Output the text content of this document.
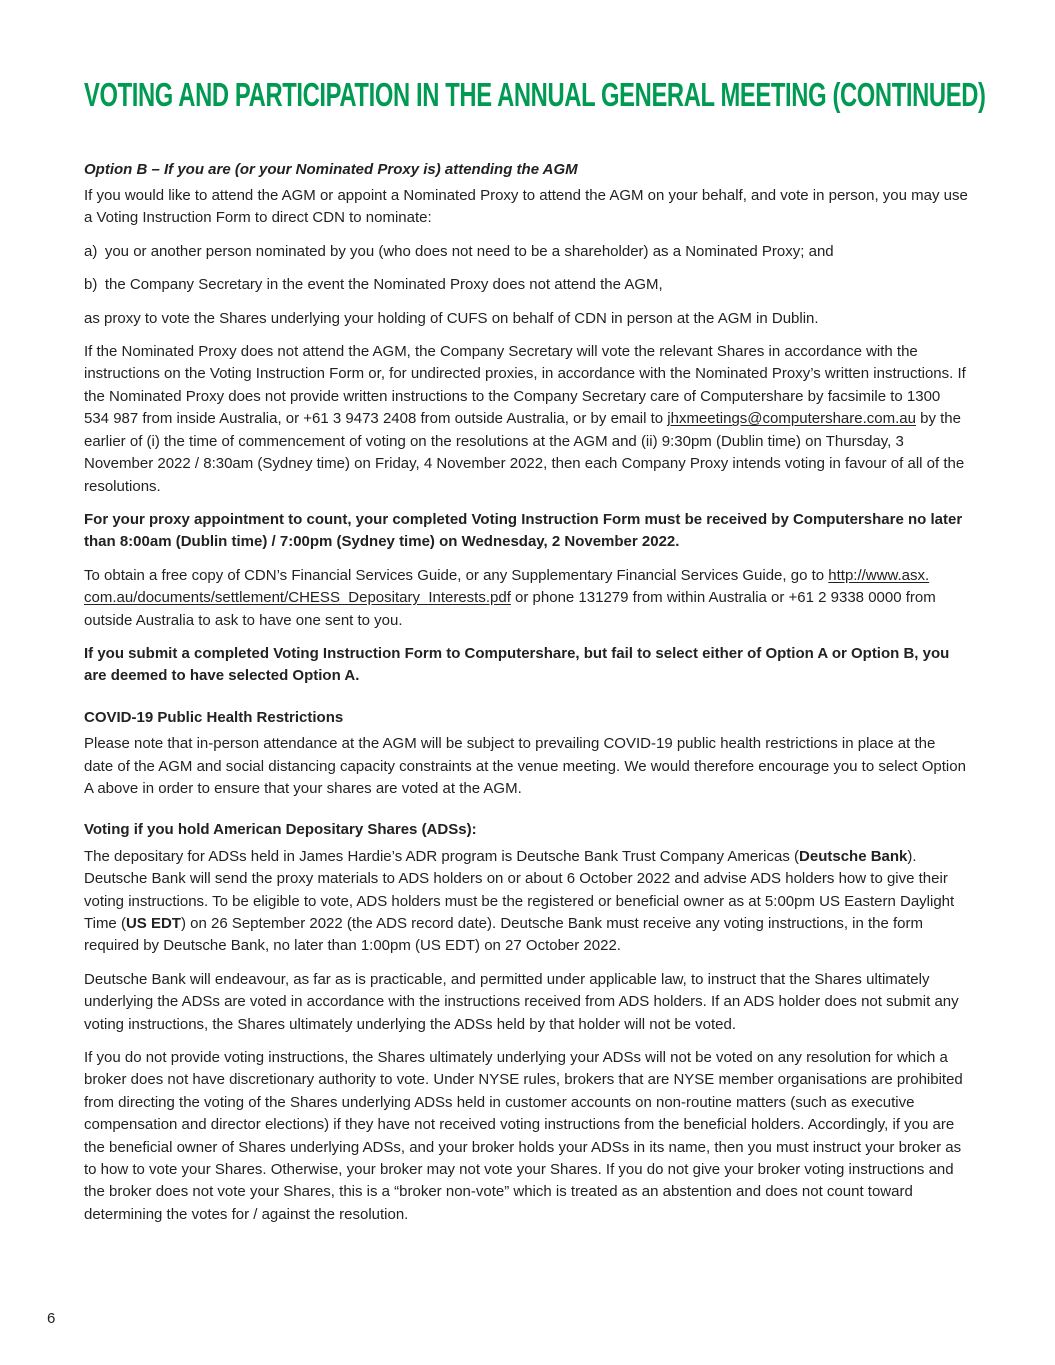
VOTING AND PARTICIPATION IN THE ANNUAL GENERAL MEETING (CONTINUED)
Option B – If you are (or your Nominated Proxy is) attending the AGM

If you would like to attend the AGM or appoint a Nominated Proxy to attend the AGM on your behalf, and vote in person, you may use a Voting Instruction Form to direct CDN to nominate:

a) you or another person nominated by you (who does not need to be a shareholder) as a Nominated Proxy; and

b) the Company Secretary in the event the Nominated Proxy does not attend the AGM,

as proxy to vote the Shares underlying your holding of CUFS on behalf of CDN in person at the AGM in Dublin.

If the Nominated Proxy does not attend the AGM, the Company Secretary will vote the relevant Shares in accordance with the instructions on the Voting Instruction Form or, for undirected proxies, in accordance with the Nominated Proxy’s written instructions. If the Nominated Proxy does not provide written instructions to the Company Secretary care of Computershare by facsimile to 1300 534 987 from inside Australia, or +61 3 9473 2408 from outside Australia, or by email to jhxmeetings@computershare.com.au by the earlier of (i) the time of commencement of voting on the resolutions at the AGM and (ii) 9:30pm (Dublin time) on Thursday, 3 November 2022 / 8:30am (Sydney time) on Friday, 4 November 2022, then each Company Proxy intends voting in favour of all of the resolutions.

For your proxy appointment to count, your completed Voting Instruction Form must be received by Computershare no later than 8:00am (Dublin time) / 7:00pm (Sydney time) on Wednesday, 2 November 2022.

To obtain a free copy of CDN’s Financial Services Guide, or any Supplementary Financial Services Guide, go to http://www.asx.com.au/documents/settlement/CHESS_Depositary_Interests.pdf or phone 131279 from within Australia or +61 2 9338 0000 from outside Australia to ask to have one sent to you.

If you submit a completed Voting Instruction Form to Computershare, but fail to select either of Option A or Option B, you are deemed to have selected Option A.

COVID-19 Public Health Restrictions

Please note that in-person attendance at the AGM will be subject to prevailing COVID-19 public health restrictions in place at the date of the AGM and social distancing capacity constraints at the venue meeting. We would therefore encourage you to select Option A above in order to ensure that your shares are voted at the AGM.

Voting if you hold American Depositary Shares (ADSs):

The depositary for ADSs held in James Hardie’s ADR program is Deutsche Bank Trust Company Americas (Deutsche Bank). Deutsche Bank will send the proxy materials to ADS holders on or about 6 October 2022 and advise ADS holders how to give their voting instructions. To be eligible to vote, ADS holders must be the registered or beneficial owner as at 5:00pm US Eastern Daylight Time (US EDT) on 26 September 2022 (the ADS record date). Deutsche Bank must receive any voting instructions, in the form required by Deutsche Bank, no later than 1:00pm (US EDT) on 27 October 2022.

Deutsche Bank will endeavour, as far as is practicable, and permitted under applicable law, to instruct that the Shares ultimately underlying the ADSs are voted in accordance with the instructions received from ADS holders. If an ADS holder does not submit any voting instructions, the Shares ultimately underlying the ADSs held by that holder will not be voted.

If you do not provide voting instructions, the Shares ultimately underlying your ADSs will not be voted on any resolution for which a broker does not have discretionary authority to vote. Under NYSE rules, brokers that are NYSE member organisations are prohibited from directing the voting of the Shares underlying ADSs held in customer accounts on non-routine matters (such as executive compensation and director elections) if they have not received voting instructions from the beneficial holders. Accordingly, if you are the beneficial owner of Shares underlying ADSs, and your broker holds your ADSs in its name, then you must instruct your broker as to how to vote your Shares. Otherwise, your broker may not vote your Shares. If you do not give your broker voting instructions and the broker does not vote your Shares, this is a “broker non-vote” which is treated as an abstention and does not count toward determining the votes for / against the resolution.

6
